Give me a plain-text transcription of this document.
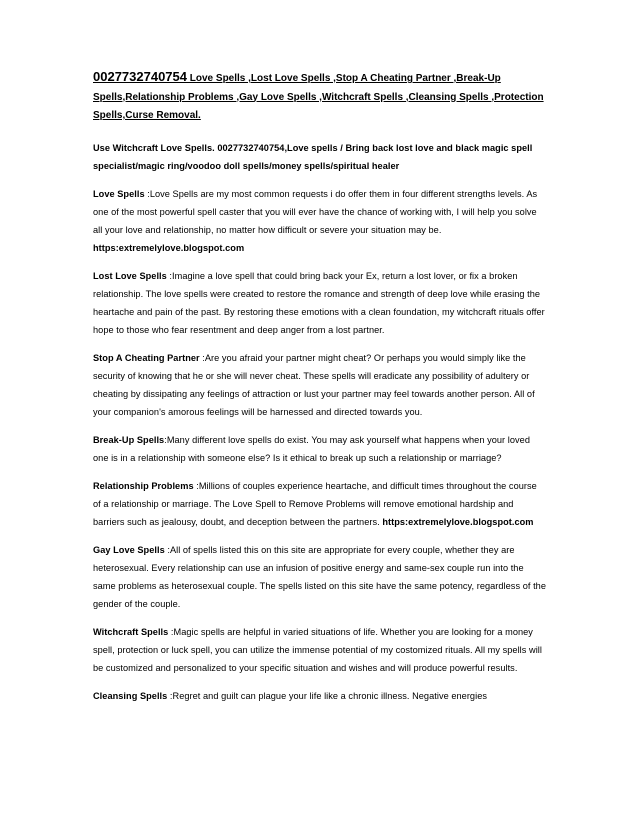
0027732740754 Love Spells ,Lost Love Spells ,Stop A Cheating Partner ,Break-Up Spells,Relationship Problems ,Gay Love Spells ,Witchcraft Spells ,Cleansing Spells ,Protection Spells,Curse Removal.

Use Witchcraft Love Spells. 0027732740754,Love spells / Bring back lost love and black magic spell specialist/magic ring/voodoo doll spells/money spells/spiritual healer

Love Spells :Love Spells are my most common requests i do offer them in four different strengths levels. As one of the most powerful spell caster that you will ever have the chance of working with, I will help you solve all your love and relationship, no matter how difficult or severe your situation may be. https:extremelylove.blogspot.com

Lost Love Spells :Imagine a love spell that could bring back your Ex, return a lost lover, or fix a broken relationship. The love spells were created to restore the romance and strength of deep love while erasing the heartache and pain of the past. By restoring these emotions with a clean foundation, my witchcraft rituals offer hope to those who fear resentment and deep anger from a lost partner.

Stop A Cheating Partner :Are you afraid your partner might cheat? Or perhaps you would simply like the security of knowing that he or she will never cheat. These spells will eradicate any possibility of adultery or cheating by dissipating any feelings of attraction or lust your partner may feel towards another person. All of your companion's amorous feelings will be harnessed and directed towards you.

Break-Up Spells:Many different love spells do exist. You may ask yourself what happens when your loved one is in a relationship with someone else? Is it ethical to break up such a relationship or marriage?

Relationship Problems :Millions of couples experience heartache, and difficult times throughout the course of a relationship or marriage. The Love Spell to Remove Problems will remove emotional hardship and barriers such as jealousy, doubt, and deception between the partners. https:extremelylove.blogspot.com

Gay Love Spells :All of spells listed this on this site are appropriate for every couple, whether they are heterosexual. Every relationship can use an infusion of positive energy and same-sex couple run into the same problems as heterosexual couple. The spells listed on this site have the same potency, regardless of the gender of the couple.

Witchcraft Spells :Magic spells are helpful in varied situations of life. Whether you are looking for a money spell, protection or luck spell, you can utilize the immense potential of my costomized rituals. All my spells will be customized and personalized to your specific situation and wishes and will produce powerful results.

Cleansing Spells :Regret and guilt can plague your life like a chronic illness. Negative energies
